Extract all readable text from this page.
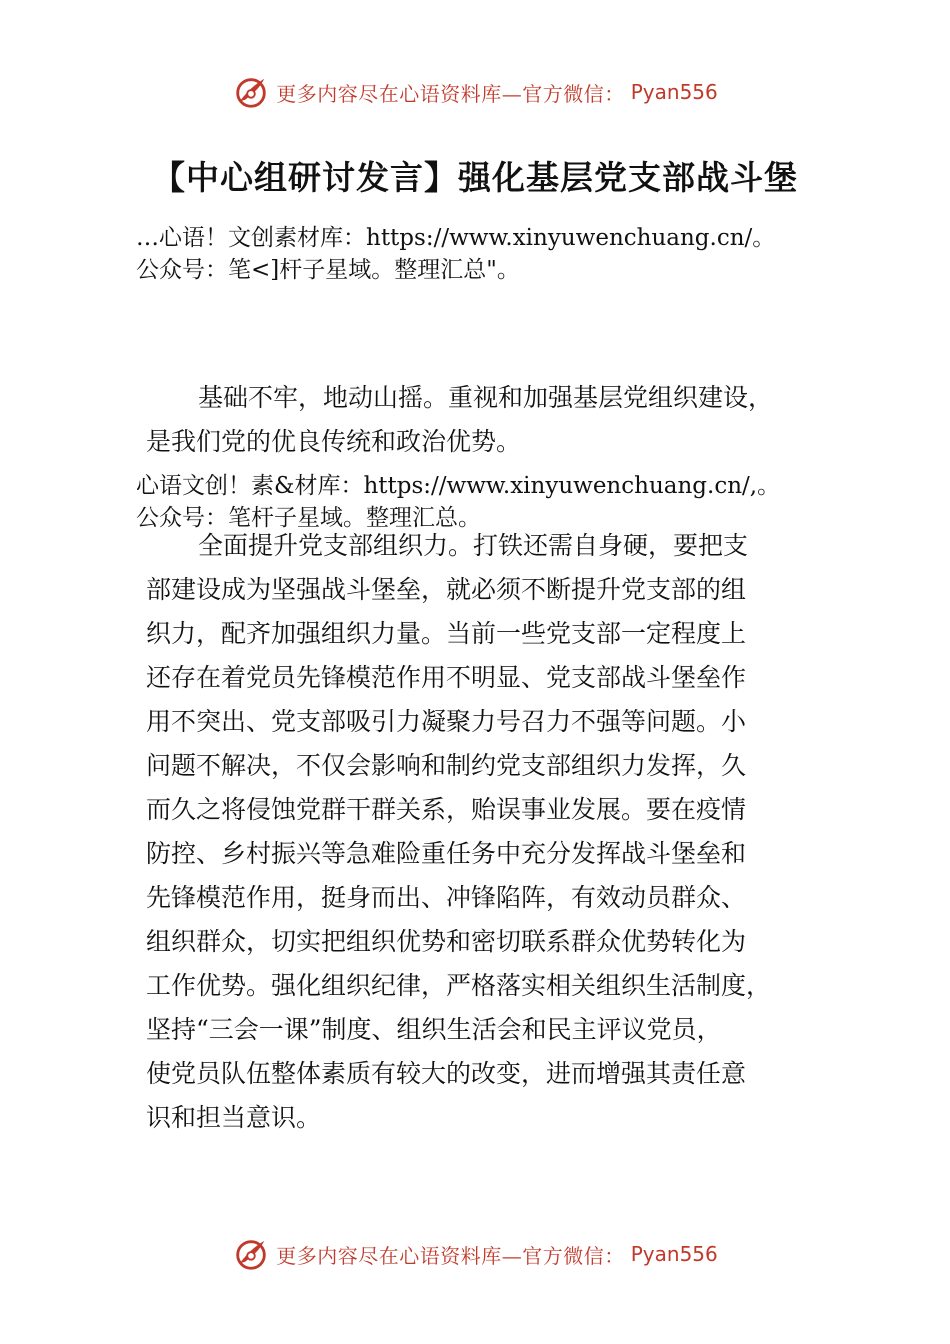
更多内容尽在心语资料库—官方微信： Pyan556
【中心组研讨发言】强化基层党支部战斗堡
…心语！文创素材库：https://www.xinyuwenchuang.cn/。
公众号：笔<]杆子星域。整理汇总"。
基础不牢，地动山摇。重视和加强基层党组织建设，
是我们党的优良传统和政治优势。
心语文创！素&材库：https://www.xinyuwenchuang.cn/,。
公众号：笔杆子星域。整理汇总。
全面提升党支部组织力。打铁还需自身硬，要把支
部建设成为坚强战斗堡垒，就必须不断提升党支部的组
织力，配齐加强组织力量。当前一些党支部一定程度上
还存在着党员先锋模范作用不明显、党支部战斗堡垒作
用不突出、党支部吸引力凝聚力号召力不强等问题。小
问题不解决，不仅会影响和制约党支部组织力发挥，久
而久之将侵蚀党群干群关系，贻误事业发展。要在疫情
防控、乡村振兴等急难险重任务中充分发挥战斗堡垒和
先锋模范作用，挺身而出、冲锋陷阵，有效动员群众、
组织群众，切实把组织优势和密切联系群众优势转化为
工作优势。强化组织纪律，严格落实相关组织生活制度，
坚持“三会一课”制度、组织生活会和民主评议党员，
使党员队伍整体素质有较大的改变，进而增强其责任意
识和担当意识。
更多内容尽在心语资料库—官方微信： Pyan556
